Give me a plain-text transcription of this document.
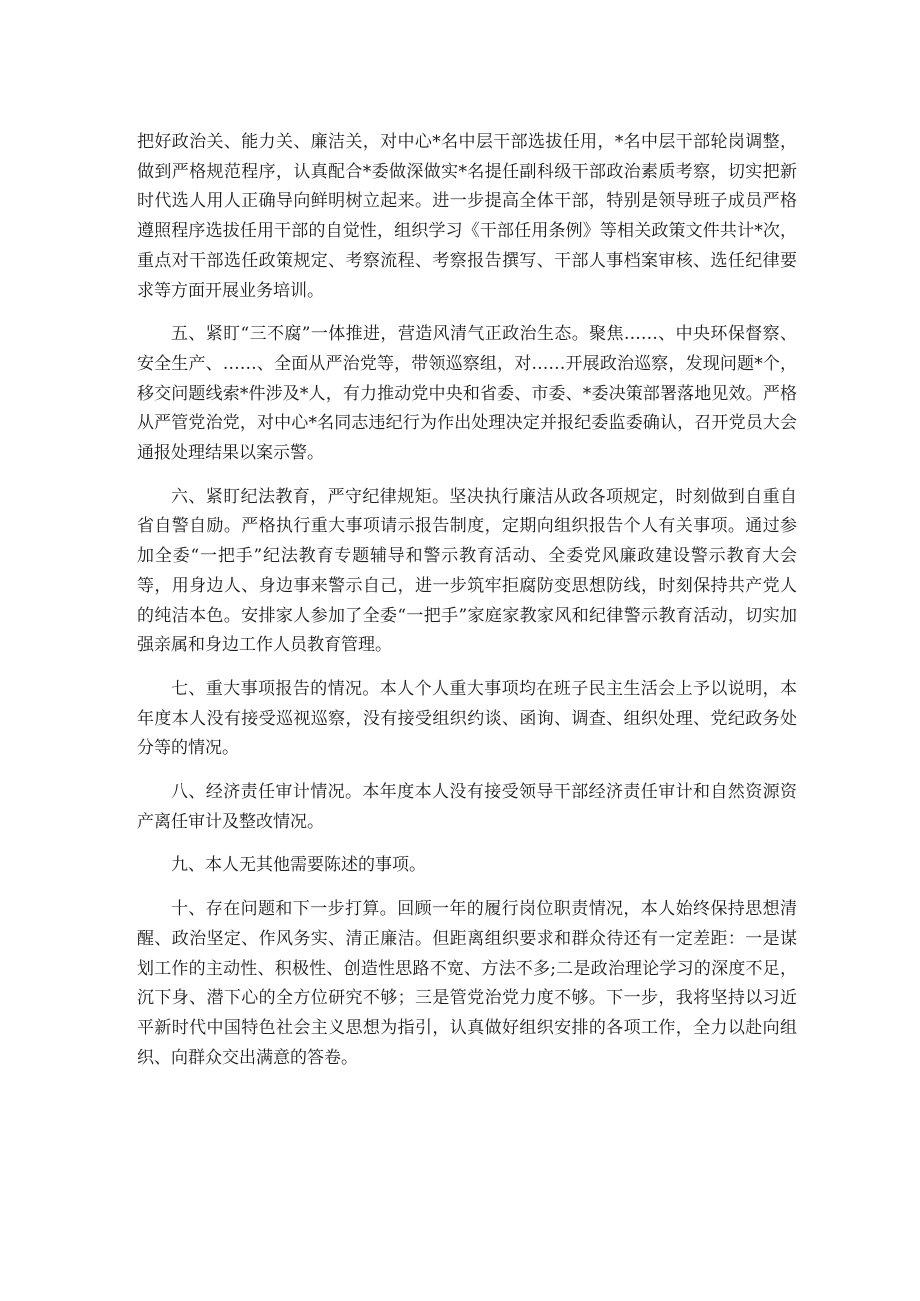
把好政治关、能力关、廉洁关，对中心*名中层干部选拔任用，*名中层干部轮岗调整，做到严格规范程序，认真配合*委做深做实*名提任副科级干部政治素质考察，切实把新时代选人用人正确导向鲜明树立起来。进一步提高全体干部，特别是领导班子成员严格遵照程序选拔任用干部的自觉性，组织学习《干部任用条例》等相关政策文件共计*次，重点对干部选任政策规定、考察流程、考察报告撰写、干部人事档案审核、选任纪律要求等方面开展业务培训。

五、紧盯“三不腐”一体推进，营造风清气正政治生态。聚焦……、中央环保督察、安全生产、……、全面从严治党等，带领巡察组，对……开展政治巡察，发现问题*个，移交问题线索*件涉及*人，有力推动党中央和省委、市委、*委决策部署落地见效。严格从严管党治党，对中心*名同志违纪行为作出处理决定并报纪委监委确认，召开党员大会通报处理结果以案示警。

六、紧盯纪法教育，严守纪律规矩。坚决执行廉洁从政各项规定，时刻做到自重自省自警自励。严格执行重大事项请示报告制度，定期向组织报告个人有关事项。通过参加全委“一把手”纪法教育专题辅导和警示教育活动、全委党风廉政建设警示教育大会等，用身边人、身边事来警示自己，进一步筑牢拒腐防变思想防线，时刻保持共产党人的纯洁本色。安排家人参加了全委“一把手”家庭家教家风和纪律警示教育活动，切实加强亲属和身边工作人员教育管理。

七、重大事项报告的情况。本人个人重大事项均在班子民主生活会上予以说明，本年度本人没有接受巡视巡察，没有接受组织约谈、函询、调查、组织处理、党纪政务处分等的情况。

八、经济责任审计情况。本年度本人没有接受领导干部经济责任审计和自然资源资产离任审计及整改情况。

九、本人无其他需要陈述的事项。

十、存在问题和下一步打算。回顾一年的履行岗位职责情况，本人始终保持思想清醒、政治坚定、作风务实、清正廉洁。但距离组织要求和群众待还有一定差距：一是谋划工作的主动性、积极性、创造性思路不宽、方法不多;二是政治理论学习的深度不足，沉下身、潜下心的全方位研究不够；三是管党治党力度不够。下一步，我将坚持以习近平新时代中国特色社会主义思想为指引，认真做好组织安排的各项工作，全力以赴向组织、向群众交出满意的答卷。
